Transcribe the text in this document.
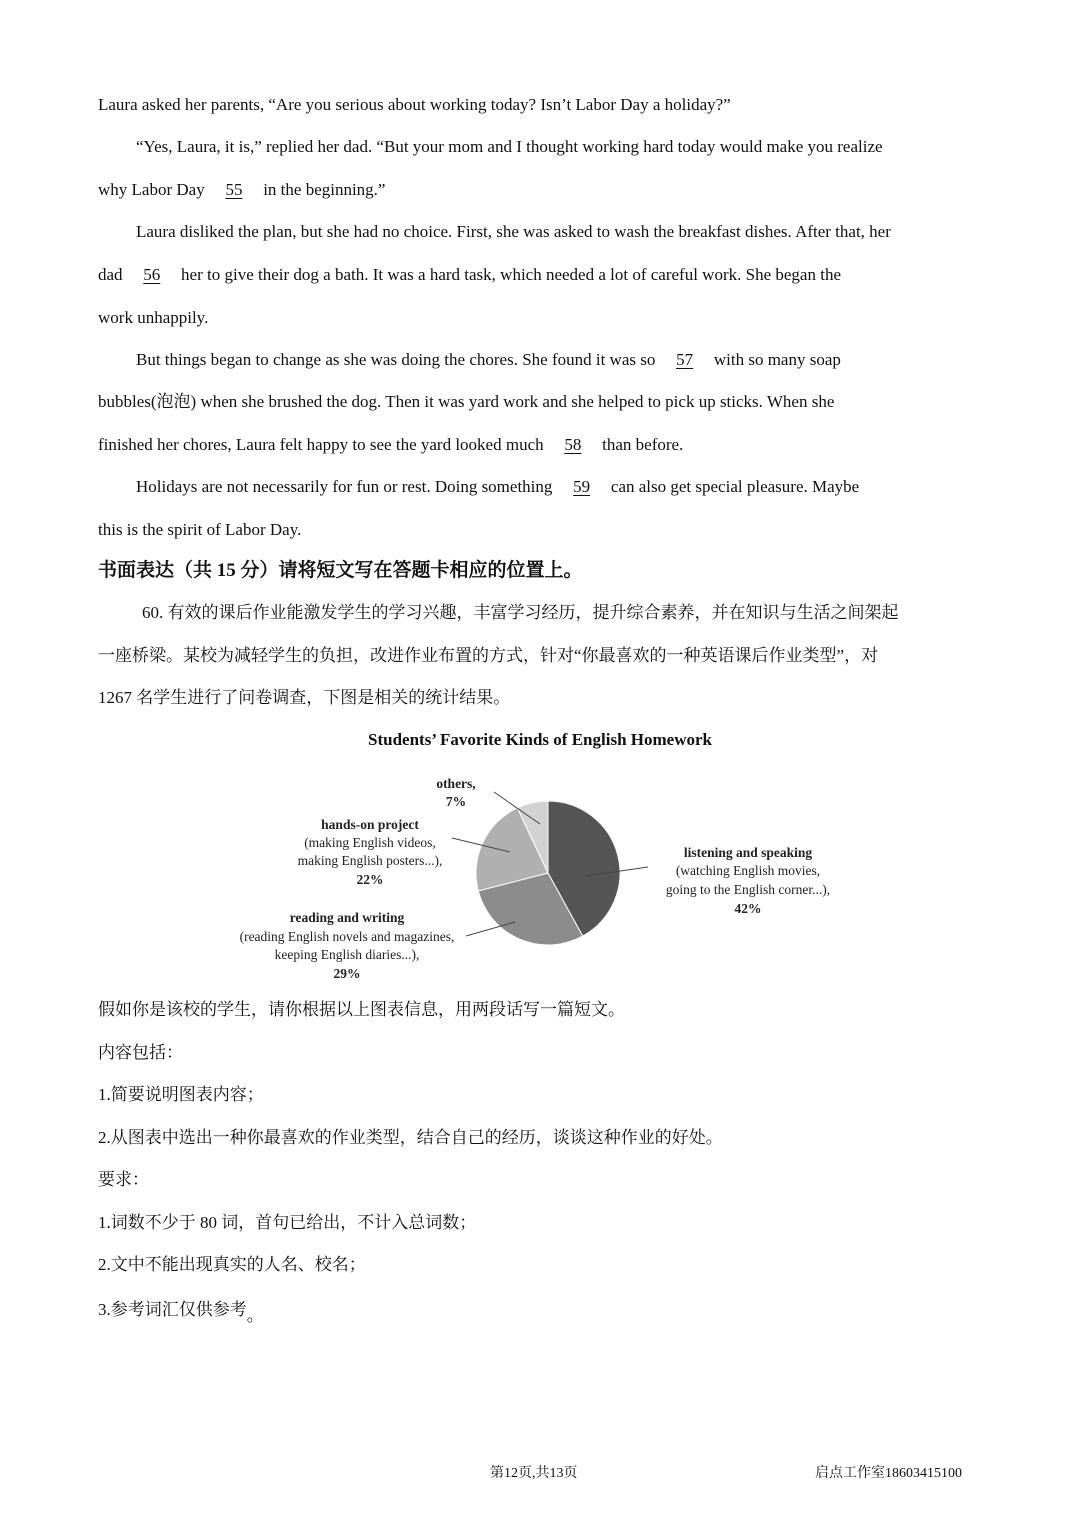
Laura asked her parents, “Are you serious about working today? Isn’t Labor Day a holiday?”
“Yes, Laura, it is,” replied her dad. “But your mom and I thought working hard today would make you realize
why Labor Day 55 in the beginning.”
Laura disliked the plan, but she had no choice. First, she was asked to wash the breakfast dishes. After that, her
dad 56 her to give their dog a bath. It was a hard task, which needed a lot of careful work. She began the
work unhappily.
But things began to change as she was doing the chores. She found it was so 57 with so many soap
bubbles(泡泡) when she brushed the dog. Then it was yard work and she helped to pick up sticks. When she
finished her chores, Laura felt happy to see the yard looked much 58 than before.
Holidays are not necessarily for fun or rest. Doing something 59 can also get special pleasure. Maybe
this is the spirit of Labor Day.
书面表达（共 15 分）请将短文写在答题卡相应的位置上。
60. 有效的课后作业能激发学生的学习兴趣，丰富学习经历，提升综合素养，并在知识与生活之间架起
一座桥梁。某校为减轻学生的负担，改进作业布置的方式，针对“你最喜欢的一种英语课后作业类型”，对
1267 名学生进行了问卷调查，下图是相关的统计结果。
Students’ Favorite Kinds of English Homework
others,
7%
hands-on project
(making English videos,
making English posters...),
22%
reading and writing
(reading English novels and magazines,
keeping English diaries...),
29%
listening and speaking
(watching English movies,
going to the English corner...),
42%
假如你是该校的学生，请你根据以上图表信息，用两段话写一篇短文。
内容包括：
1.简要说明图表内容；
2.从图表中选出一种你最喜欢的作业类型，结合自己的经历，谈谈这种作业的好处。
要求：
1.词数不少于 80 词，首句已给出，不计入总词数；
2.文中不能出现真实的人名、校名；
3.参考词汇仅供参考。
第12页,共13页	启点工作室18603415100
